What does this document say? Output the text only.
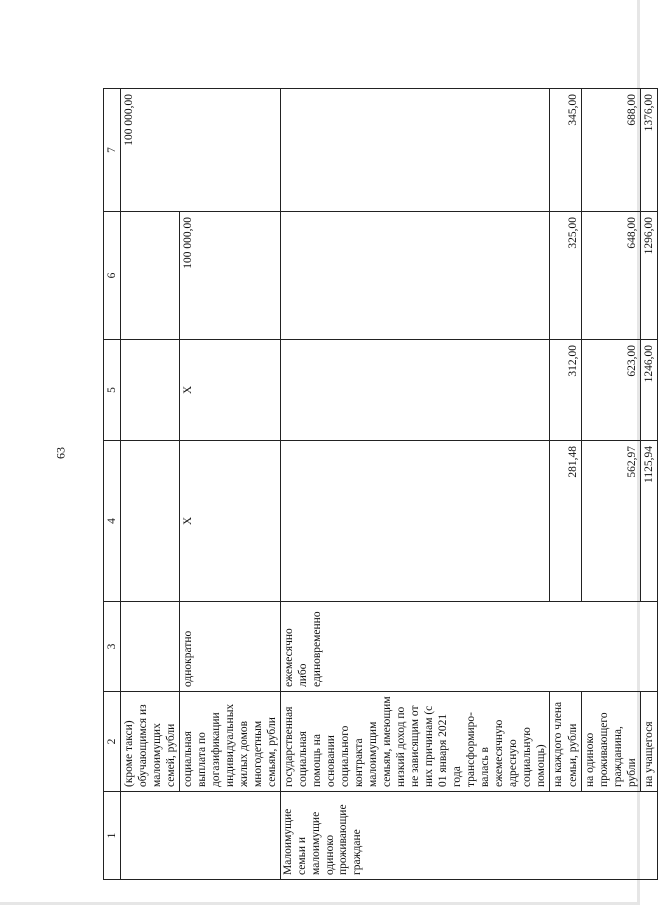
63
1	2	3	4	5	6	7
	(кроме такси) обучающимся из малоимущих семей, рубли					100 000,00
	социальная выплата по догазификации индивидуальных жилых домов многодетным семьям, рубли	однократно	X	X	100 000,00	
Малоимущие семьи и малоимущие одиноко проживающие граждане	государственная социальная помощь на основании социального контракта малоимущим семьям, имеющим низкий доход по не зависящим от них причинам (с 01 января 2021 года трансформиро-валась в ежемесячную адресную социальную помощь)	ежемесячно либо единовременно				
	на каждого члена семьи, рубли		281,48	312,00	325,00	345,00
	на одиноко проживающего гражданина, рубли		562,97	623,00	648,00	688,00
	на учащегося		1125,94	1246,00	1296,00	1376,00
